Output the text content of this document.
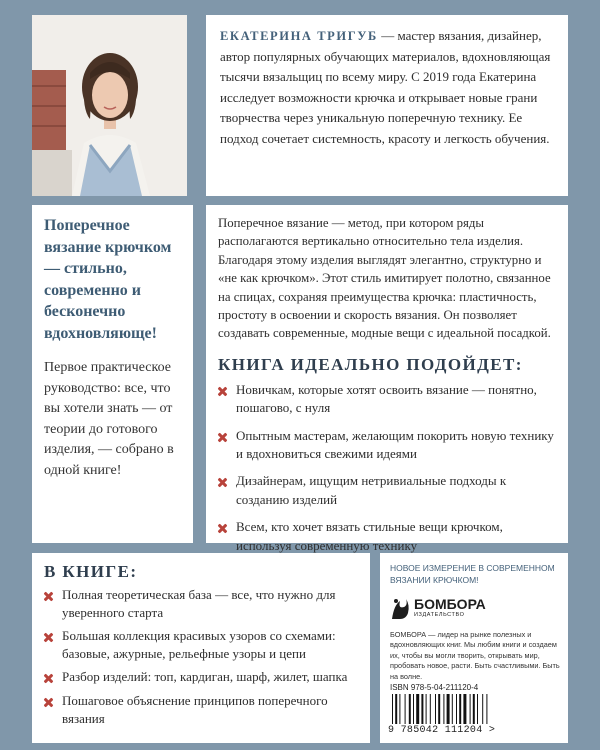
ЕКАТЕРИНА ТРИГУБ — мастер вязания, дизайнер, автор популярных обучающих материалов, вдохновляющая тысячи вязальщиц по всему миру. С 2019 года Екатерина исследует возможности крючка и открывает новые грани творчества через уникальную поперечную технику. Ее подход сочетает системность, красоту и легкость обучения.

Поперечное вязание крючком — стильно, современно и бесконечно вдохновляюще!
Первое практическое руководство: все, что вы хотели знать — от теории до готового изделия, — собрано в одной книге!

Поперечное вязание — метод, при котором ряды располагаются вертикально относительно тела изделия. Благодаря этому изделия выглядят элегантно, структурно и «не как крючком». Этот стиль имитирует полотно, связанное на спицах, сохраняя преимущества крючка: пластичность, простоту в освоении и скорость вязания. Он позволяет создавать современные, модные вещи с идеальной посадкой.

КНИГА ИДЕАЛЬНО ПОДОЙДЕТ:
Новичкам, которые хотят освоить вязание — понятно, пошагово, с нуля
Опытным мастерам, желающим покорить новую технику и вдохновиться свежими идеями
Дизайнерам, ищущим нетривиальные подходы к созданию изделий
Всем, кто хочет вязать стильные вещи крючком, используя современную технику
В КНИГЕ:
Полная теоретическая база — все, что нужно для уверенного старта
Большая коллекция красивых узоров со схемами: базовые, ажурные, рельефные узоры и цепи
Разбор изделий: топ, кардиган, шарф, жилет, шапка
Пошаговое объяснение принципов поперечного вязания
НОВОЕ ИЗМЕРЕНИЕ В СОВРЕМЕННОМ ВЯЗАНИИ КРЮЧКОМ!
БОМБОРА
ИЗДАТЕЛЬСТВО
БОМБОРА — лидер на рынке полезных и вдохновляющих книг. Мы любим книги и создаем их, чтобы вы могли творить, открывать мир, пробовать новое, расти. Быть счастливыми. Быть на волне.
ISBN 978-5-04-211120-4
9 785042 111204 >
